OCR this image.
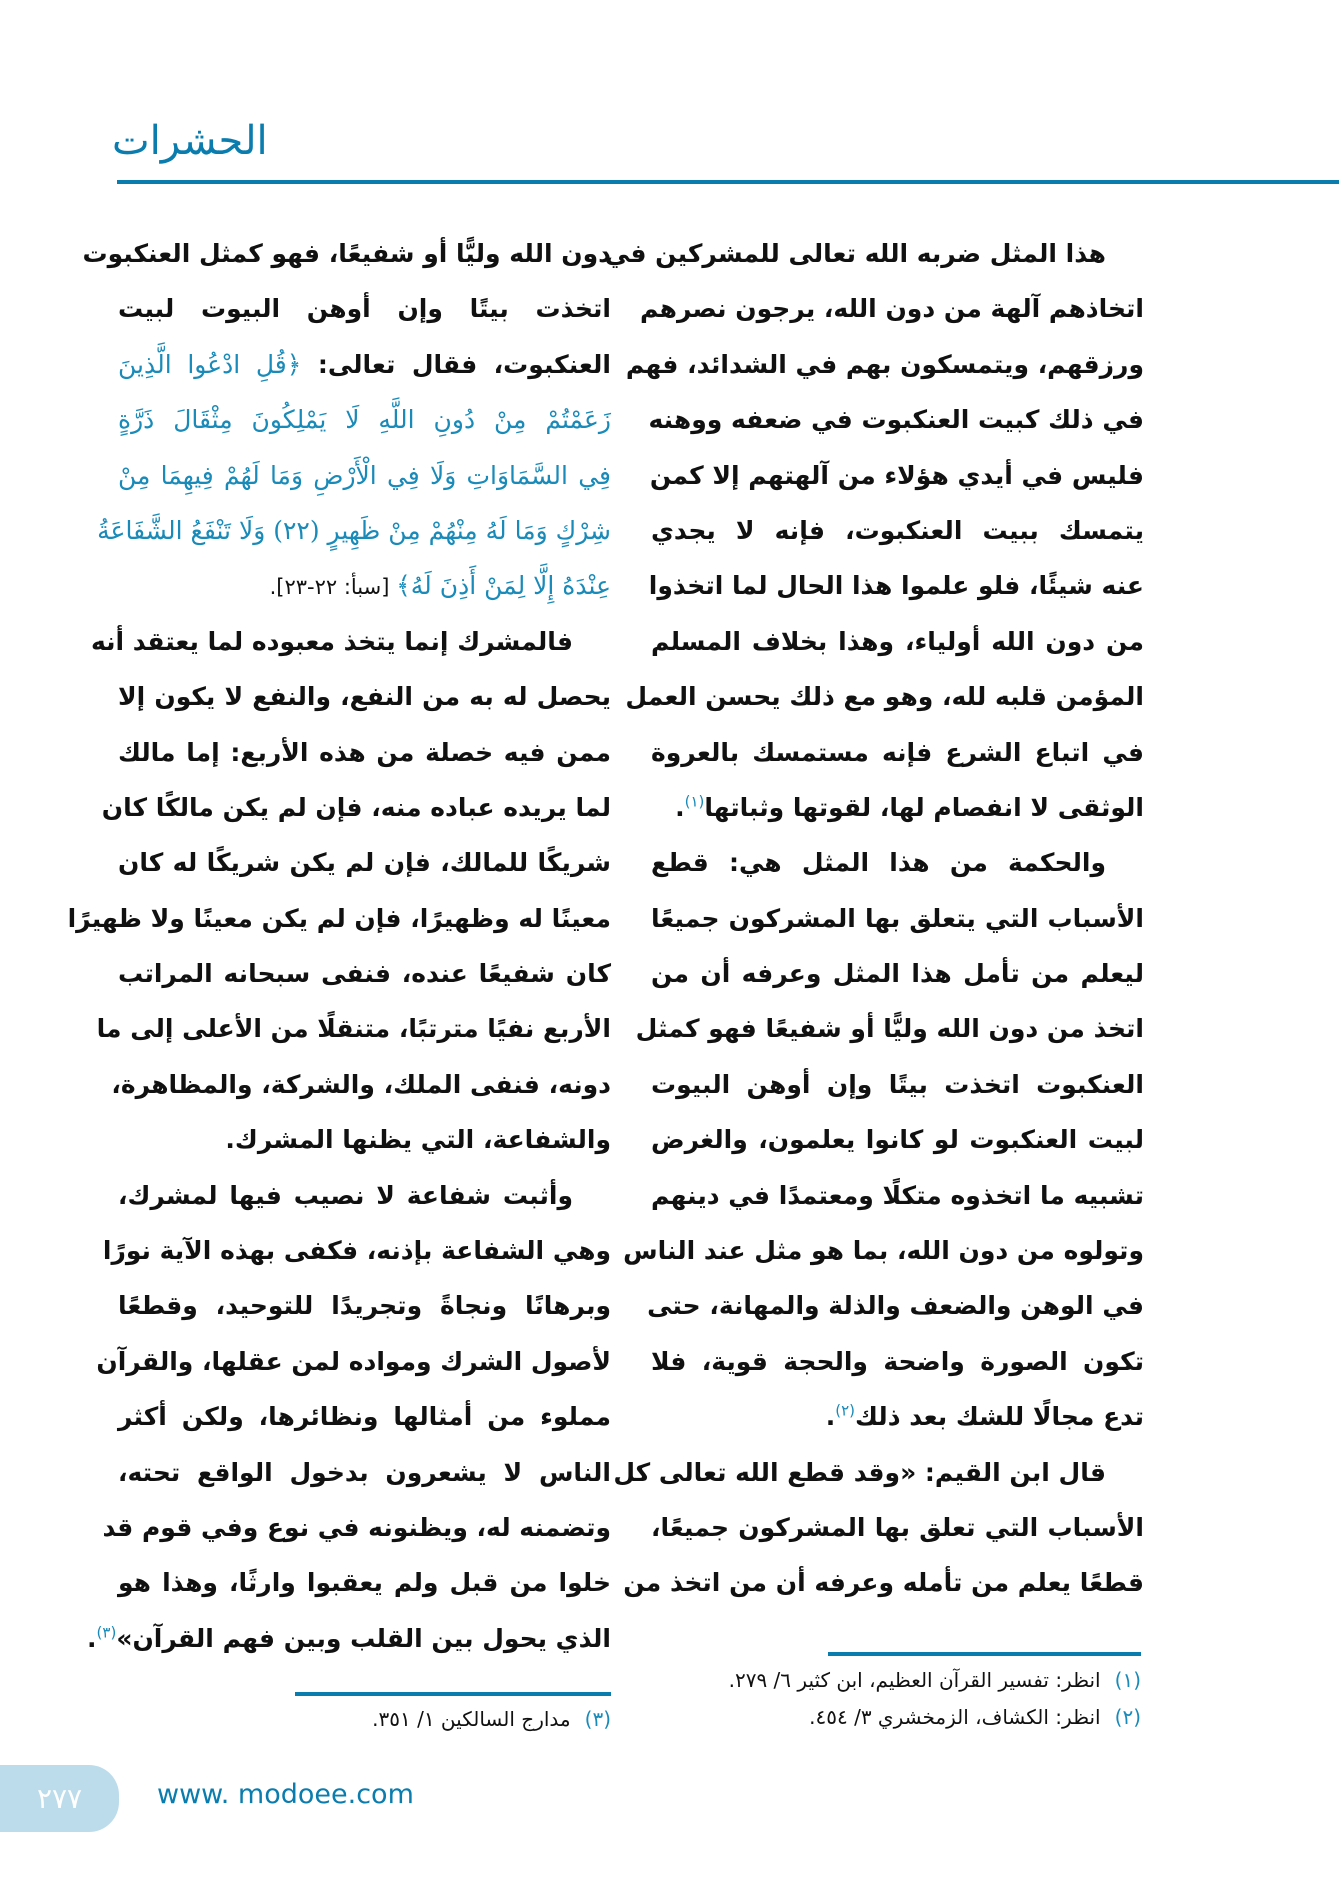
الحشرات
هذا المثل ضربه الله تعالى للمشركين في
اتخاذهم آلهة من دون الله، يرجون نصرهم
ورزقهم، ويتمسكون بهم في الشدائد، فهم
في ذلك كبيت العنكبوت في ضعفه ووهنه
فليس في أيدي هؤلاء من آلهتهم إلا كمن
يتمسك ببيت العنكبوت، فإنه لا يجدي
عنه شيئًا، فلو علموا هذا الحال لما اتخذوا
من دون الله أولياء، وهذا بخلاف المسلم
المؤمن قلبه لله، وهو مع ذلك يحسن العمل
في اتباع الشرع فإنه مستمسك بالعروة
الوثقى لا انفصام لها، لقوتها وثباتها$^{(١)}$.
والحكمة من هذا المثل هي: قطع
الأسباب التي يتعلق بها المشركون جميعًا
ليعلم من تأمل هذا المثل وعرفه أن من
اتخذ من دون الله وليًّا أو شفيعًا فهو كمثل
العنكبوت اتخذت بيتًا وإن أوهن البيوت
لبيت العنكبوت لو كانوا يعلمون، والغرض
تشبيه ما اتخذوه متكلًا ومعتمدًا في دينهم
وتولوه من دون الله، بما هو مثل عند الناس
في الوهن والضعف والذلة والمهانة، حتى
تكون الصورة واضحة والحجة قوية، فلا
تدع مجالًا للشك بعد ذلك$^{(٢)}$.
قال ابن القيم: «وقد قطع الله تعالى كل
الأسباب التي تعلق بها المشركون جميعًا،
قطعًا يعلم من تأمله وعرفه أن من اتخذ من
دون الله وليًّا أو شفيعًا، فهو كمثل العنكبوت
اتخذت بيتًا وإن أوهن البيوت لبيت
العنكبوت، فقال تعالى: ﴿قُلِ ادْعُوا الَّذِينَ
زَعَمْتُمْ مِنْ دُونِ اللَّهِ لَا يَمْلِكُونَ مِثْقَالَ ذَرَّةٍ
فِي السَّمَاوَاتِ وَلَا فِي الْأَرْضِ وَمَا لَهُمْ فِيهِمَا مِنْ
شِرْكٍ وَمَا لَهُ مِنْهُمْ مِنْ ظَهِيرٍ (٢٢) وَلَا تَنْفَعُ الشَّفَاعَةُ
عِنْدَهُ إِلَّا لِمَنْ أَذِنَ لَهُ﴾ [سبأ: ٢٢-٢٣].
فالمشرك إنما يتخذ معبوده لما يعتقد أنه
يحصل له به من النفع، والنفع لا يكون إلا
ممن فيه خصلة من هذه الأربع: إما مالك
لما يريده عباده منه، فإن لم يكن مالكًا كان
شريكًا للمالك، فإن لم يكن شريكًا له كان
معينًا له وظهيرًا، فإن لم يكن معينًا ولا ظهيرًا
كان شفيعًا عنده، فنفى سبحانه المراتب
الأربع نفيًا مترتبًا، متنقلًا من الأعلى إلى ما
دونه، فنفى الملك، والشركة، والمظاهرة،
والشفاعة، التي يظنها المشرك.
وأثبت شفاعة لا نصيب فيها لمشرك،
وهي الشفاعة بإذنه، فكفى بهذه الآية نورًا
وبرهانًا ونجاةً وتجريدًا للتوحيد، وقطعًا
لأصول الشرك ومواده لمن عقلها، والقرآن
مملوء من أمثالها ونظائرها، ولكن أكثر
الناس لا يشعرون بدخول الواقع تحته،
وتضمنه له، ويظنونه في نوع وفي قوم قد
خلوا من قبل ولم يعقبوا وارثًا، وهذا هو
الذي يحول بين القلب وبين فهم القرآن»$^{(٣)}$.
(١)انظر: تفسير القرآن العظيم، ابن كثير ٦/ ٢٧٩.
(٢)انظر: الكشاف، الزمخشري ٣/ ٤٥٤.
(٣)مدارج السالكين ١/ ٣٥١.
٢٧٧	www. modoee.com
